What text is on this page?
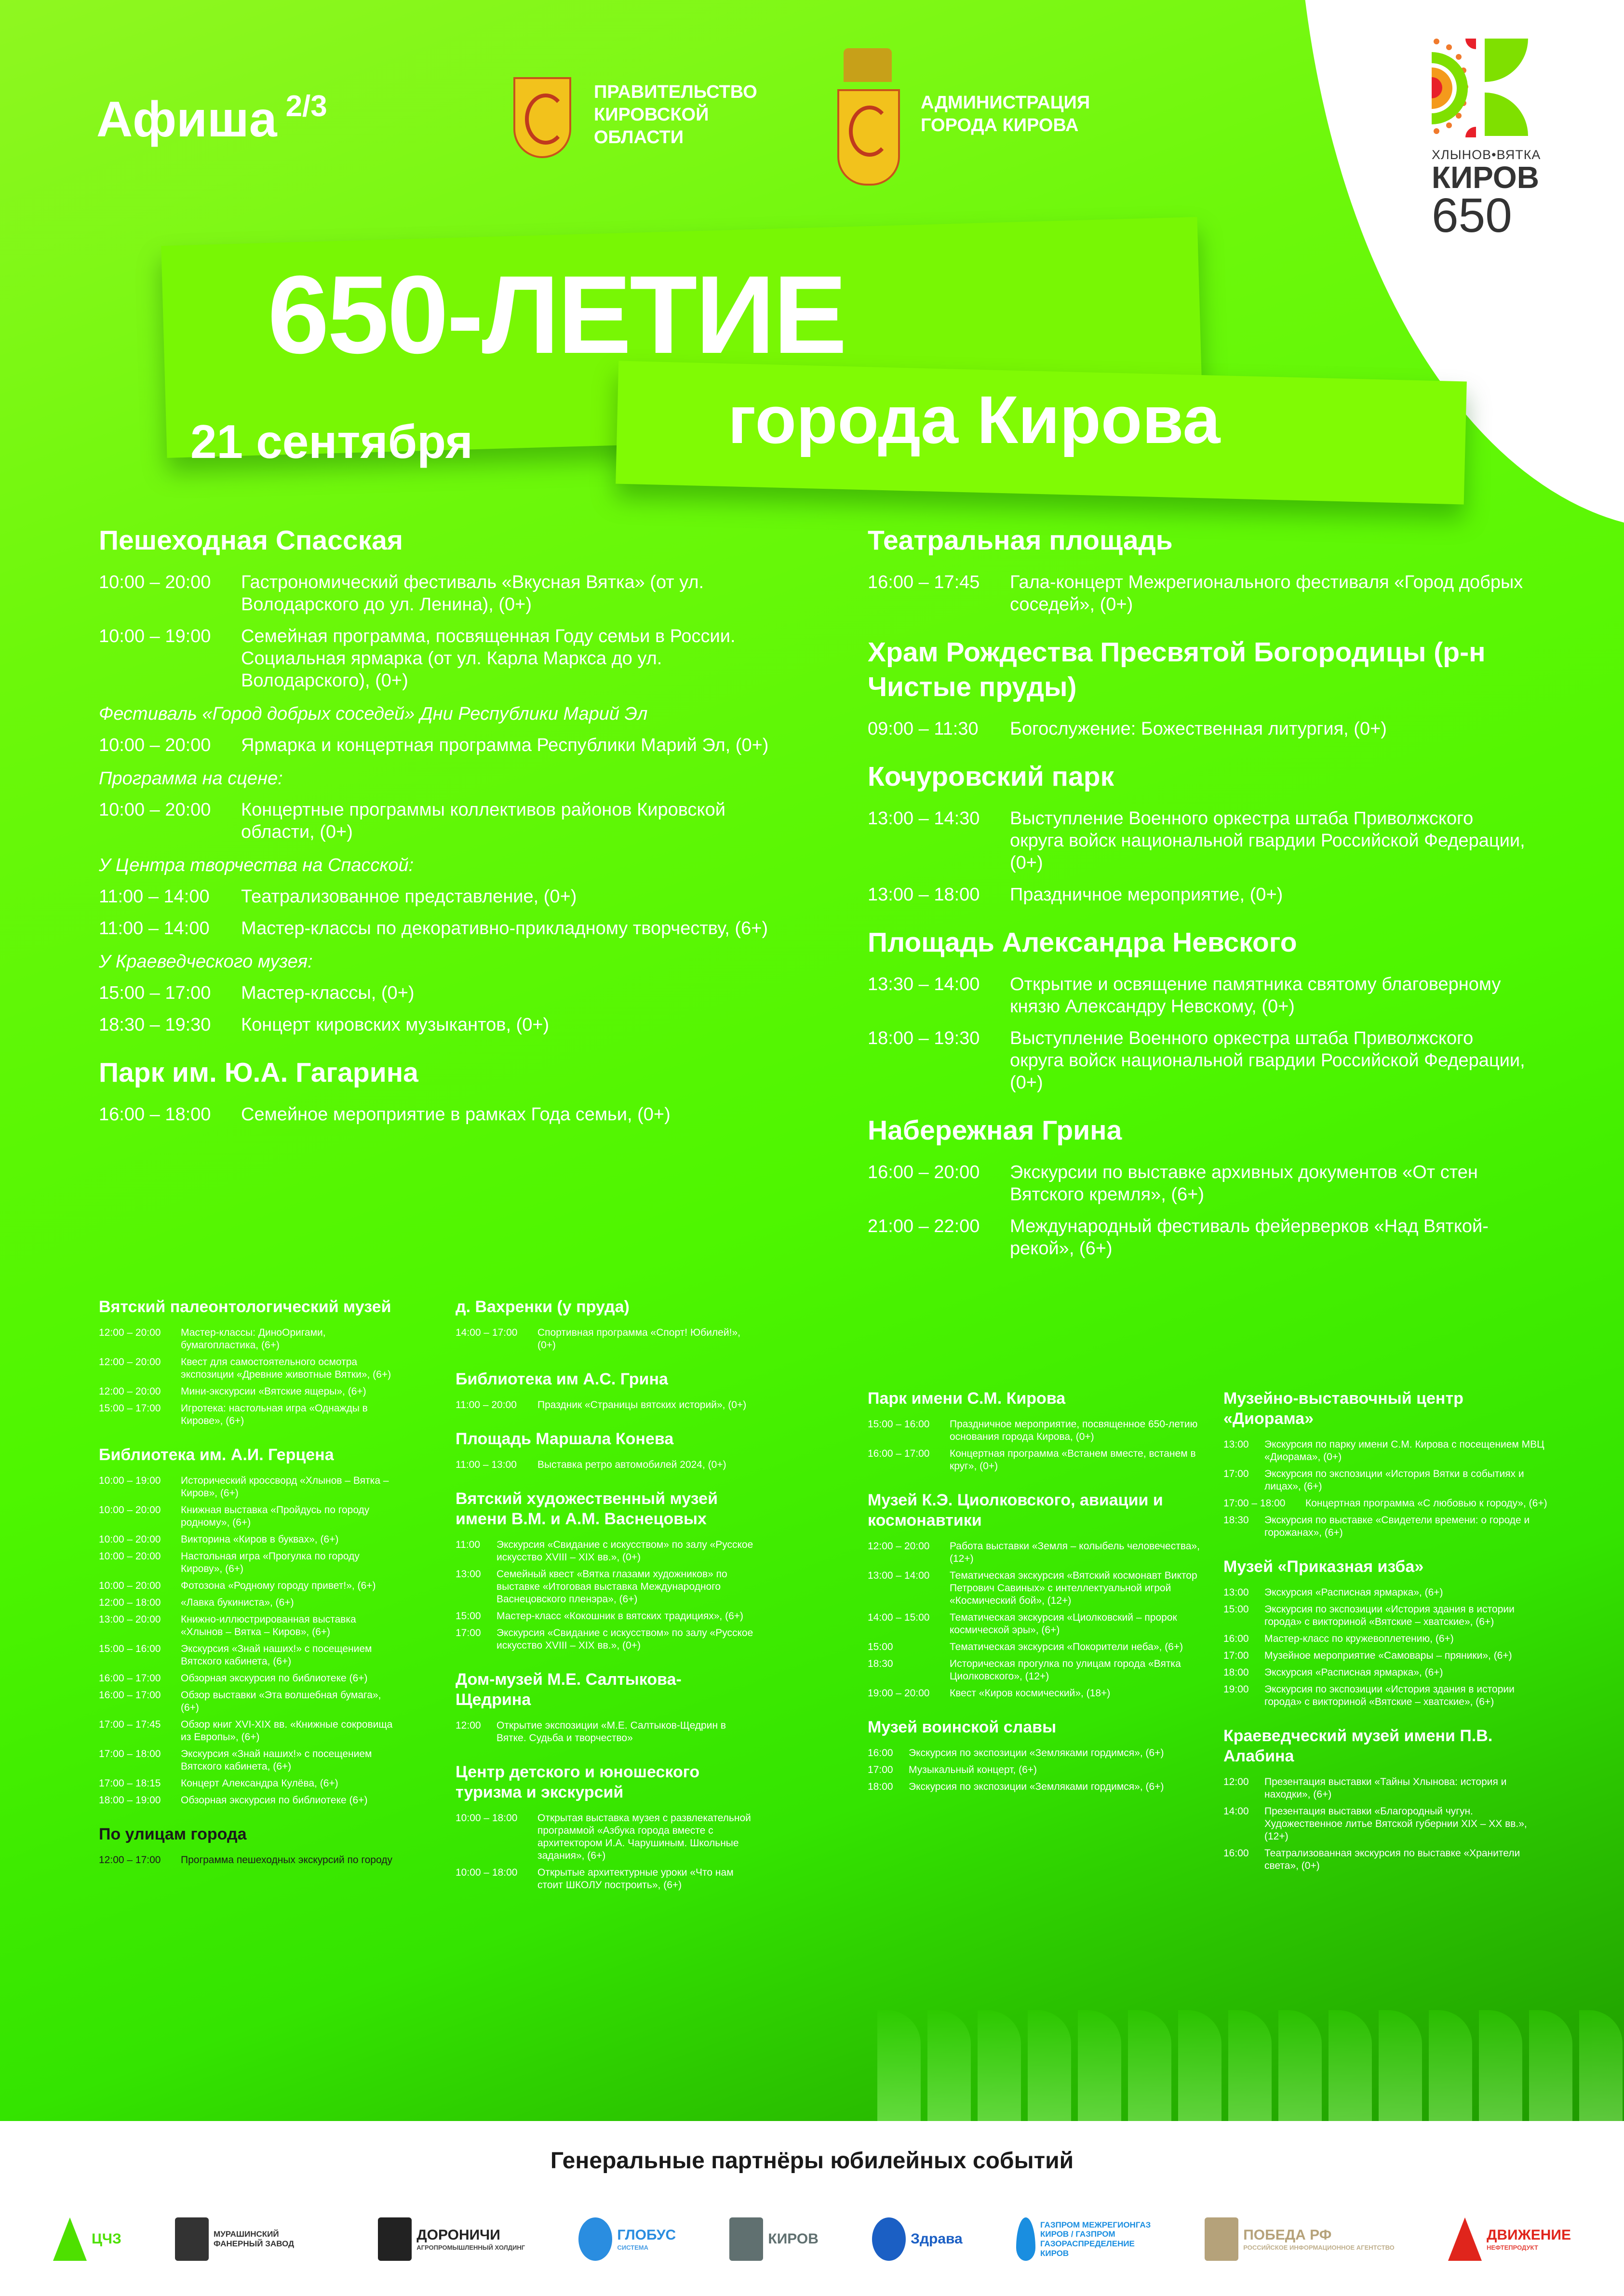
Афиша $^{2/3}$	ПРАВИТЕЛЬСТВО
КИРОВСКОЙ
ОБЛАСТИ
АДМИНИСТРАЦИЯ
ГОРОДА КИРОВА
ХЛЫНОВ•ВЯТКА
КИРОВ
650
650-ЛЕТИЕ
города Кирова
21 сентября
Пешеходная Спасская
10:00 – 20:00	Гастрономический фестиваль «Вкусная Вятка» (от ул. Володарского до ул. Ленина), (0+)
10:00 – 19:00	Семейная программа, посвященная Году семьи в России. Социальная ярмарка (от ул. Карла Маркса до ул. Володарского), (0+)
Фестиваль «Город добрых соседей» Дни Республики Марий Эл
10:00 – 20:00	Ярмарка и концертная программа Республики Марий Эл, (0+)
Программа на сцене:
10:00 – 20:00	Концертные программы коллективов районов Кировской области, (0+)
У Центра творчества на Спасской:
11:00 – 14:00	Театрализованное представление, (0+)
11:00 – 14:00	Мастер-классы по декоративно-прикладному творчеству, (6+)
У Краеведческого музея:
15:00 – 17:00	Мастер-классы, (0+)
18:30 – 19:30	Концерт кировских музыкантов, (0+)
Парк им. Ю.А. Гагарина
16:00 – 18:00	Семейное мероприятие в рамках Года семьи, (0+)
Театральная площадь
16:00 – 17:45	Гала-концерт Межрегионального фестиваля «Город добрых соседей», (0+)
Храм Рождества Пресвятой Богородицы (р-н Чистые пруды)
09:00 – 11:30	Богослужение: Божественная литургия, (0+)
Кочуровский парк
13:00 – 14:30	Выступление Военного оркестра штаба Приволжского округа войск национальной гвардии Российской Федерации, (0+)
13:00 – 18:00	Праздничное мероприятие, (0+)
Площадь Александра Невского
13:30 – 14:00	Открытие и освящение памятника святому благоверному князю Александру Невскому, (0+)
18:00 – 19:30	Выступление Военного оркестра штаба Приволжского округа войск национальной гвардии Российской Федерации, (0+)
Набережная Грина
16:00 – 20:00	Экскурсии по выставке архивных документов «От стен Вятского кремля», (6+)
21:00 – 22:00	Международный фестиваль фейерверков «Над Вяткой-рекой», (6+)
Вятский палеонтологический музей
12:00 – 20:00	Мастер-классы: ДиноОригами, бумагопластика, (6+)
12:00 – 20:00	Квест для самостоятельного осмотра экспозиции «Древние животные Вятки», (6+)
12:00 – 20:00	Мини-экскурсии «Вятские ящеры», (6+)
15:00 – 17:00	Игротека: настольная игра «Однажды в Кирове», (6+)
Библиотека им. А.И. Герцена
10:00 – 19:00	Исторический кроссворд «Хлынов – Вятка – Киров», (6+)
10:00 – 20:00	Книжная выставка «Пройдусь по городу родному», (6+)
10:00 – 20:00	Викторина «Киров в буквах», (6+)
10:00 – 20:00	Настольная игра «Прогулка по городу Кирову», (6+)
10:00 – 20:00	Фотозона «Родному городу привет!», (6+)
12:00 – 18:00	«Лавка букиниста», (6+)
13:00 – 20:00	Книжно-иллюстрированная выставка «Хлынов – Вятка – Киров», (6+)
15:00 – 16:00	Экскурсия «Знай наших!» с посещением Вятского кабинета, (6+)
16:00 – 17:00	Обзорная экскурсия по библиотеке (6+)
16:00 – 17:00	Обзор выставки «Эта волшебная бумага», (6+)
17:00 – 17:45	Обзор книг XVI-XIX вв. «Книжные сокровища из Европы», (6+)
17:00 – 18:00	Экскурсия «Знай наших!» с посещением Вятского кабинета, (6+)
17:00 – 18:15	Концерт Александра Кулёва, (6+)
18:00 – 19:00	Обзорная экскурсия по библиотеке (6+)
По улицам города
12:00 – 17:00	Программа пешеходных экскурсий по городу
д. Вахренки (у пруда)
14:00 – 17:00	Спортивная программа «Спорт! Юбилей!», (0+)
Библиотека им А.С. Грина
11:00 – 20:00	Праздник «Страницы вятских историй», (0+)
Площадь Маршала Конева
11:00 – 13:00	Выставка ретро автомобилей 2024, (0+)
Вятский художественный музей имени В.М. и А.М. Васнецовых
11:00	Экскурсия «Свидание с искусством» по залу «Русское искусство XVIII – XIX вв.», (0+)
13:00	Семейный квест «Вятка глазами художников» по выставке «Итоговая выставка Международного Васнецовского пленэра», (6+)
15:00	Мастер-класс «Кокошник в вятских традициях», (6+)
17:00	Экскурсия «Свидание с искусством» по залу «Русское искусство XVIII – XIX вв.», (0+)
Дом-музей М.Е. Салтыкова-Щедрина
12:00	Открытие экспозиции «М.Е. Салтыков-Щедрин в Вятке. Судьба и творчество»
Центр детского и юношеского туризма и экскурсий
10:00 – 18:00	Открытая выставка музея с развлекательной программой «Азбука города вместе с архитектором И.А. Чарушиным. Школьные задания», (6+)
10:00 – 18:00	Открытые архитектурные уроки «Что нам стоит ШКОЛУ построить», (6+)
Парк имени С.М. Кирова
15:00 – 16:00	Праздничное мероприятие, посвященное 650-летию основания города Кирова, (0+)
16:00 – 17:00	Концертная программа «Встанем вместе, встанем в круг», (0+)
Музей К.Э. Циолковского, авиации и космонавтики
12:00 – 20:00	Работа выставки «Земля – колыбель человечества», (12+)
13:00 – 14:00	Тематическая экскурсия «Вятский космонавт Виктор Петрович Савиных» с интеллектуальной игрой «Космический бой», (12+)
14:00 – 15:00	Тематическая экскурсия «Циолковский – пророк космической эры», (6+)
15:00	Тематическая экскурсия «Покорители неба», (6+)
18:30	Историческая прогулка по улицам города «Вятка Циолковского», (12+)
19:00 – 20:00	Квест «Киров космический», (18+)
Музей воинской славы
16:00	Экскурсия по экспозиции «Землякaми гордимся», (6+)
17:00	Музыкальный концерт, (6+)
18:00	Экскурсия по экспозиции «Землякaми гордимся», (6+)
Музейно-выставочный центр «Диорама»
13:00	Экскурсия по парку имени С.М. Кирова с посещением МВЦ «Диорама», (0+)
17:00	Экскурсия по экспозиции «История Вятки в событиях и лицах», (6+)
17:00 – 18:00	Концертная программа «С любовью к городу», (6+)
18:30	Экскурсия по выставке «Свидетели времени: о городе и горожанах», (6+)
Музей «Приказная изба»
13:00	Экскурсия «Расписная ярмарка», (6+)
15:00	Экскурсия по экспозиции «История здания в истории города» с викториной «Вятские – хватские», (6+)
16:00	Мастер-класс по кружевоплетению, (6+)
17:00	Музейное мероприятие «Самовары – пряники», (6+)
18:00	Экскурсия «Расписная ярмарка», (6+)
19:00	Экскурсия по экспозиции «История здания в истории города» с викториной «Вятские – хватские», (6+)
Краеведческий музей имени П.В. Алабина
12:00	Презентация выставки «Тайны Хлынова: история и находки», (6+)
14:00	Презентация выставки «Благородный чугун. Художественное литье Вятской губернии XIX – XX вв.», (12+)
16:00	Театрализованная экскурсия по выставке «Хранители света», (0+)
Генеральные партнёры юбилейных событий
ЦЧЗ	МУРАШИНСКИЙ ФАНЕРНЫЙ ЗАВОД
ДОРОНИЧИ
АГРОПРОМЫШЛЕННЫЙ ХОЛДИНГ
ГЛОБУС
СИСТЕМА
КИРОВ	Здрава
ГАЗПРОМ МЕЖРЕГИОНГАЗ КИРОВ / ГАЗПРОМ ГАЗОРАСПРЕДЕЛЕНИЕ КИРОВ
ПОБЕДА РФ
РОССИЙСКОЕ ИНФОРМАЦИОННОЕ АГЕНТСТВО
ДВИЖЕНИЕ
НЕФТЕПРОДУКТ
